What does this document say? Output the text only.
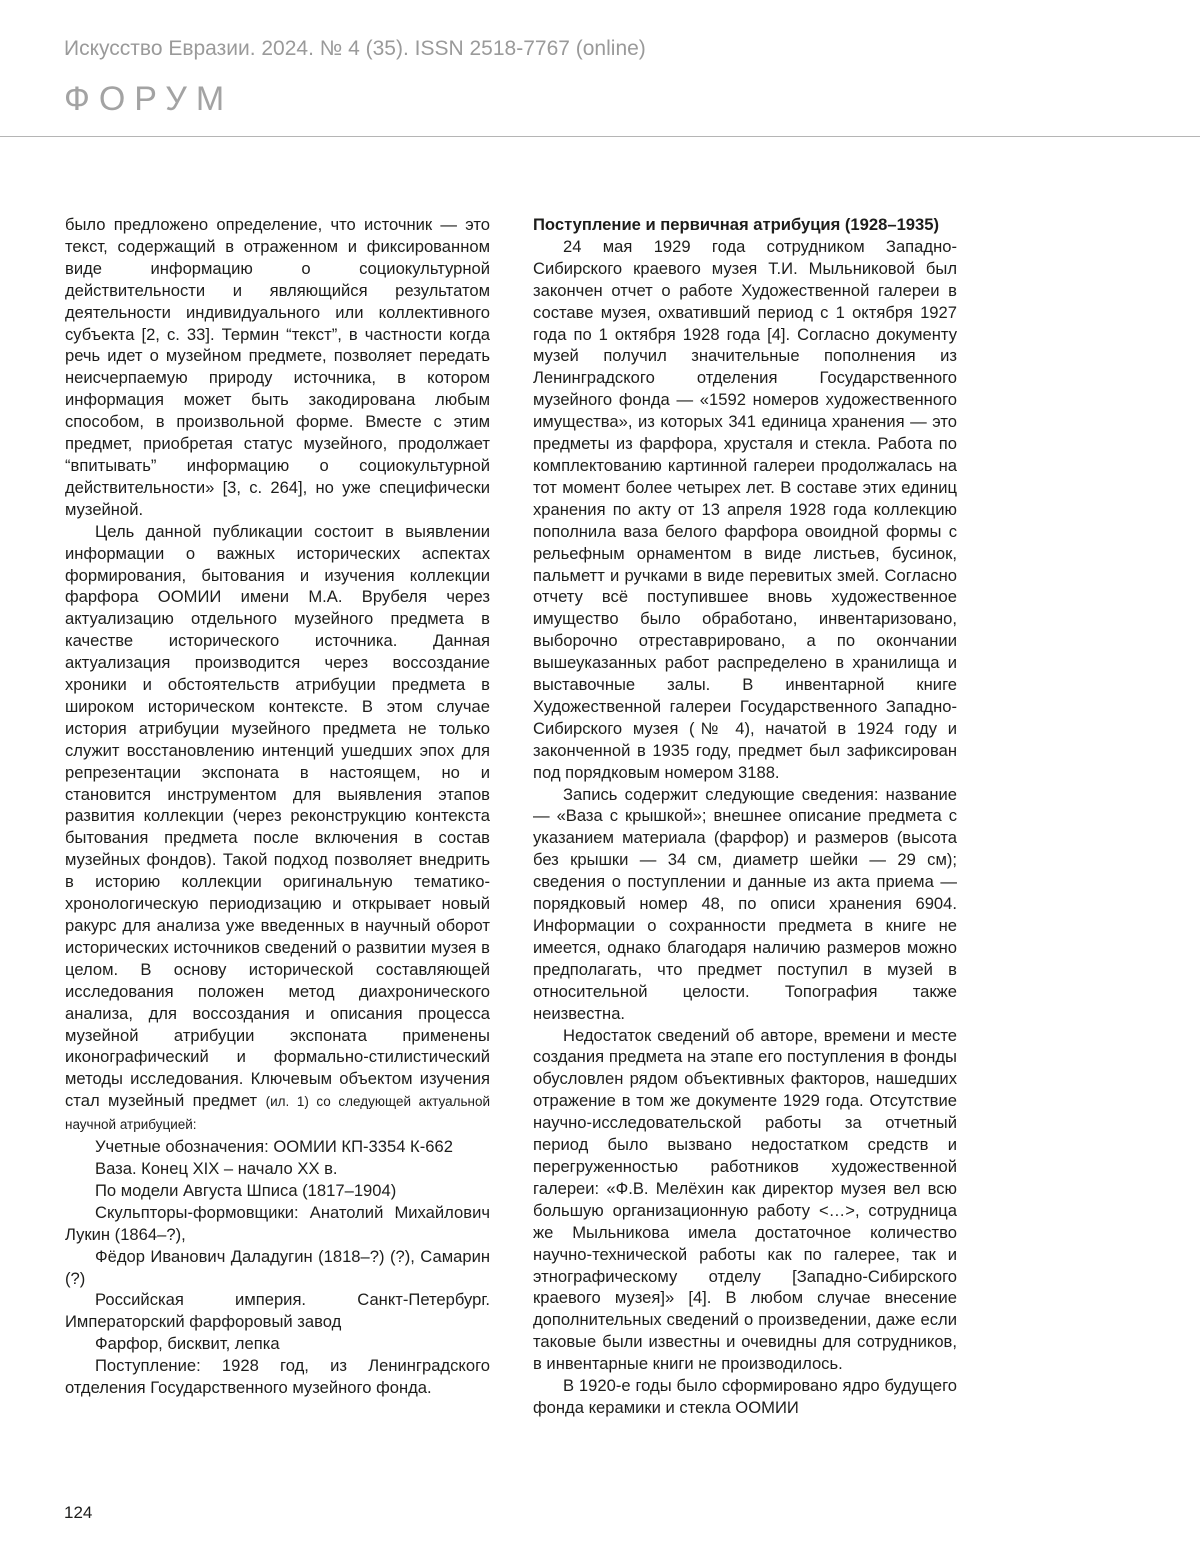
Искусство Евразии. 2024. № 4 (35). ISSN 2518-7767 (online)
ФОРУМ

было предложено определение, что источник — это текст, содержащий в отраженном и фиксированном виде информацию о социокультурной действительности и являющийся результатом деятельности индивидуального или коллективного субъекта [2, с. 33]. Термин “текст”, в частности когда речь идет о музейном предмете, позволяет передать неисчерпаемую природу источника, в котором информация может быть закодирована любым способом, в произвольной форме. Вместе с этим предмет, приобретая статус музейного, продолжает “впитывать” информацию о социокультурной действительности» [3, с. 264], но уже специфически музейной.

Цель данной публикации состоит в выявлении информации о важных исторических аспектах формирования, бытования и изучения коллекции фарфора ООМИИ имени М.А. Врубеля через актуализацию отдельного музейного предмета в качестве исторического источника. Данная актуализация производится через воссоздание хроники и обстоятельств атрибуции предмета в широком историческом контексте. В этом случае история атрибуции музейного предмета не только служит восстановлению интенций ушедших эпох для репрезентации экспоната в настоящем, но и становится инструментом для выявления этапов развития коллекции (через реконструкцию контекста бытования предмета после включения в состав музейных фондов). Такой подход позволяет внедрить в историю коллекции оригинальную тематико-хронологическую периодизацию и открывает новый ракурс для анализа уже введенных в научный оборот исторических источников сведений о развитии музея в целом. В основу исторической составляющей исследования положен метод диахронического анализа, для воссоздания и описания процесса музейной атрибуции экспоната применены иконографический и формально-стилистический методы исследования. Ключевым объектом изучения стал музейный предмет (ил. 1) со следующей актуальной научной атрибуцией:

Учетные обозначения: ООМИИ КП-3354 К-662

Ваза. Конец XIX – начало XX в.

По модели Августа Шписа (1817–1904)

Скульпторы-формовщики: Анатолий Михайлович Лукин (1864–?),

Фёдор Иванович Даладугин (1818–?) (?), Самарин (?)

Российская империя. Санкт-Петербург. Императорский фарфоровый завод

Фарфор, бисквит, лепка

Поступление: 1928 год, из Ленинградского отделения Государственного музейного фонда.

Поступление и первичная атрибуция (1928–1935)

24 мая 1929 года сотрудником Западно-Сибирского краевого музея Т.И. Мыльниковой был закончен отчет о работе Художественной галереи в составе музея, охвативший период с 1 октября 1927 года по 1 октября 1928 года [4]. Согласно документу музей получил значительные пополнения из Ленинградского отделения Государственного музейного фонда — «1592 номеров художественного имущества», из которых 341 единица хранения — это предметы из фарфора, хрусталя и стекла. Работа по комплектованию картинной галереи продолжалась на тот момент более четырех лет. В составе этих единиц хранения по акту от 13 апреля 1928 года коллекцию пополнила ваза белого фарфора овоидной формы с рельефным орнаментом в виде листьев, бусинок, пальметт и ручками в виде перевитых змей. Согласно отчету всё поступившее вновь художественное имущество было обработано, инвентаризовано, выборочно отреставрировано, а по окончании вышеуказанных работ распределено в хранилища и выставочные залы. В инвентарной книге Художественной галереи Государственного Западно-Сибирского музея (№ 4), начатой в 1924 году и законченной в 1935 году, предмет был зафиксирован под порядковым номером 3188.

Запись содержит следующие сведения: название — «Ваза с крышкой»; внешнее описание предмета с указанием материала (фарфор) и размеров (высота без крышки — 34 см, диаметр шейки — 29 см); сведения о поступлении и данные из акта приема — порядковый номер 48, по описи хранения 6904. Информации о сохранности предмета в книге не имеется, однако благодаря наличию размеров можно предполагать, что предмет поступил в музей в относительной целости. Топография также неизвестна.

Недостаток сведений об авторе, времени и месте создания предмета на этапе его поступления в фонды обусловлен рядом объективных факторов, нашедших отражение в том же документе 1929 года. Отсутствие научно-исследовательской работы за отчетный период было вызвано недостатком средств и перегруженностью работников художественной галереи: «Ф.В. Мелёхин как директор музея вел всю большую организационную работу <…>, сотрудница же Мыльникова имела достаточное количество научно-технической работы как по галерее, так и этнографическому отделу [Западно-Сибирского краевого музея]» [4]. В любом случае внесение дополнительных сведений о произведении, даже если таковые были известны и очевидны для сотрудников, в инвентарные книги не производилось.

В 1920-е годы было сформировано ядро будущего фонда керамики и стекла ООМИИ

124
